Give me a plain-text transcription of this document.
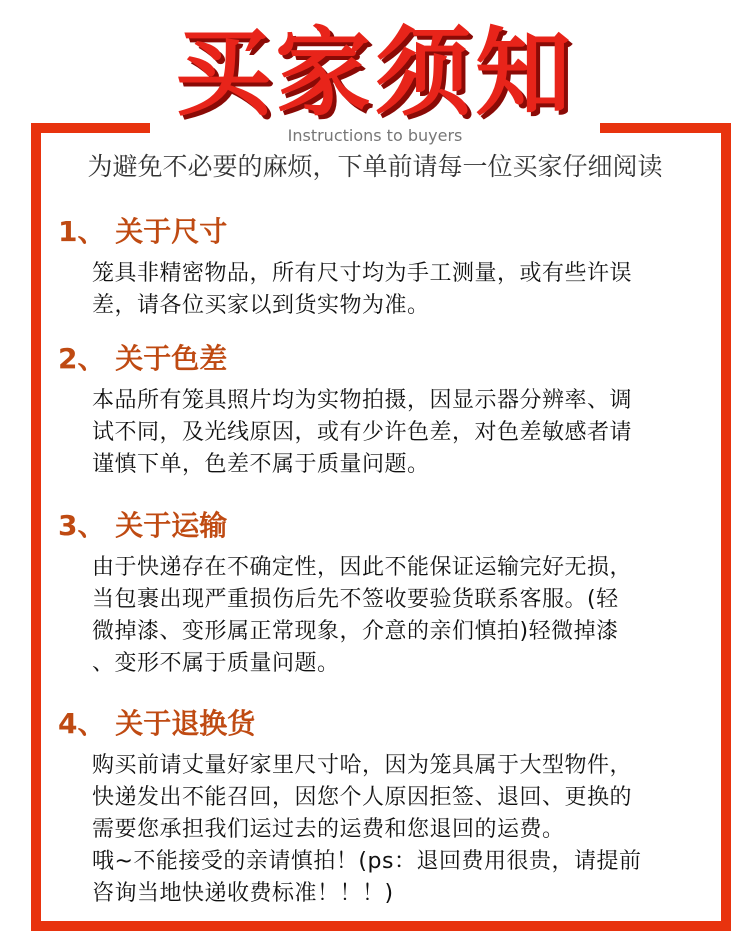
买家须知
Instructions to buyers
为避免不必要的麻烦，下单前请每一位买家仔细阅读
1、 关于尺寸
笼具非精密物品，所有尺寸均为手工测量，或有些许误
差，请各位买家以到货实物为准。
2、 关于色差
本品所有笼具照片均为实物拍摄，因显示器分辨率、调
试不同，及光线原因，或有少许色差，对色差敏感者请
谨慎下单，色差不属于质量问题。
3、 关于运输
由于快递存在不确定性，因此不能保证运输完好无损，
当包裹出现严重损伤后先不签收要验货联系客服。(轻
微掉漆、变形属正常现象，介意的亲们慎拍)轻微掉漆
、变形不属于质量问题。
4、 关于退换货
购买前请丈量好家里尺寸哈，因为笼具属于大型物件，
快递发出不能召回，因您个人原因拒签、退回、更换的
需要您承担我们运过去的运费和您退回的运费。
哦~不能接受的亲请慎拍！(ps：退回费用很贵，请提前
咨询当地快递收费标准！！！)
